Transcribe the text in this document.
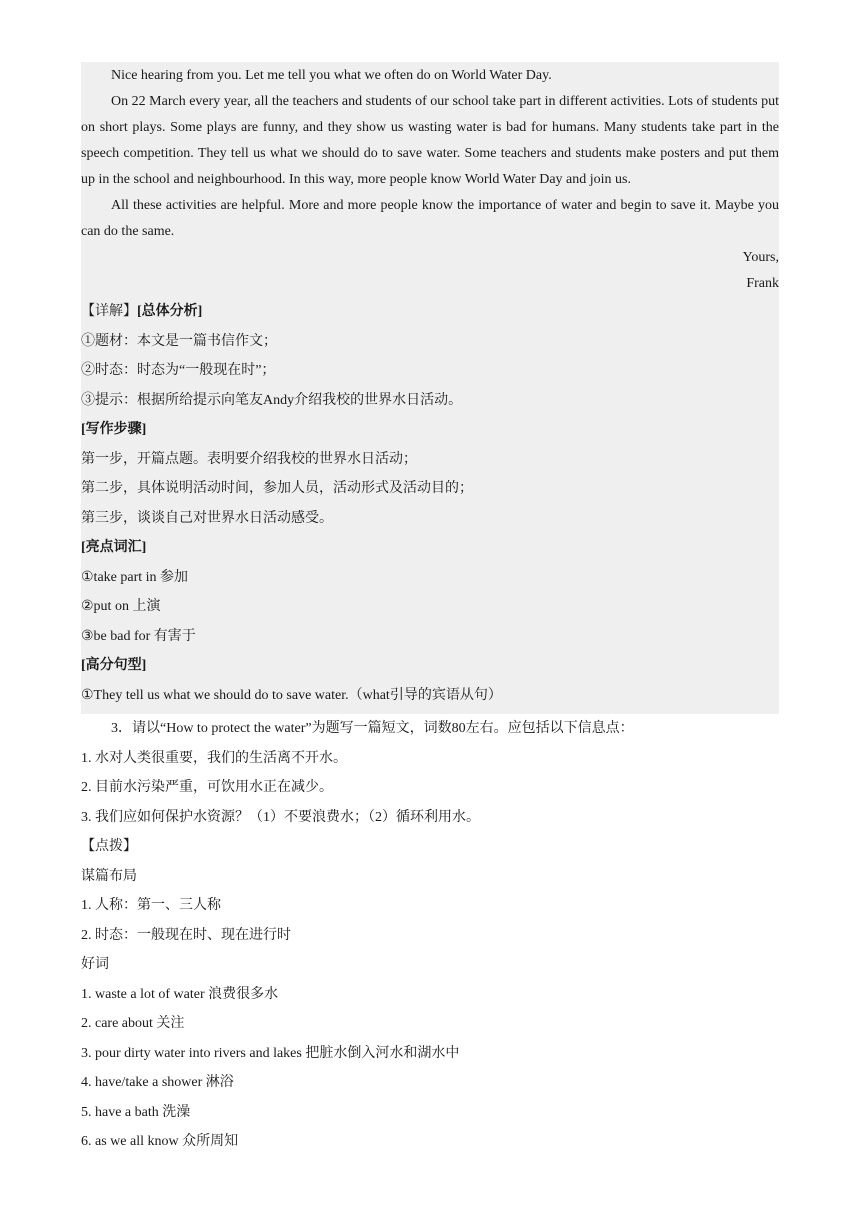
Nice hearing from you. Let me tell you what we often do on World Water Day.

On 22 March every year, all the teachers and students of our school take part in different activities. Lots of students put on short plays. Some plays are funny, and they show us wasting water is bad for humans. Many students take part in the speech competition. They tell us what we should do to save water. Some teachers and students make posters and put them up in the school and neighbourhood. In this way, more people know World Water Day and join us.

All these activities are helpful. More and more people know the importance of water and begin to save it. Maybe you can do the same.

Yours,

Frank

【详解】[总体分析]

①题材：本文是一篇书信作文；

②时态：时态为“一般现在时”；

③提示：根据所给提示向笔友Andy介绍我校的世界水日活动。

[写作步骤]

第一步，开篇点题。表明要介绍我校的世界水日活动；

第二步，具体说明活动时间，参加人员，活动形式及活动目的；

第三步，谈谈自己对世界水日活动感受。

[亮点词汇]

①take part in 参加

②put on 上演

③be bad for 有害于

[高分句型]

①They tell us what we should do to save water.（what引导的宾语从句）

3．请以“How to protect the water”为题写一篇短文，词数80左右。应包括以下信息点：

1. 水对人类很重要，我们的生活离不开水。

2. 目前水污染严重，可饮用水正在减少。

3. 我们应如何保护水资源？（1）不要浪费水；（2）循环利用水。

【点拨】

谋篇布局

1. 人称：第一、三人称

2. 时态：一般现在时、现在进行时

好词

1. waste a lot of water 浪费很多水

2. care about 关注

3. pour dirty water into rivers and lakes 把脏水倒入河水和湖水中

4. have/take a shower 淋浴

5. have a bath 洗澡

6. as we all know 众所周知
